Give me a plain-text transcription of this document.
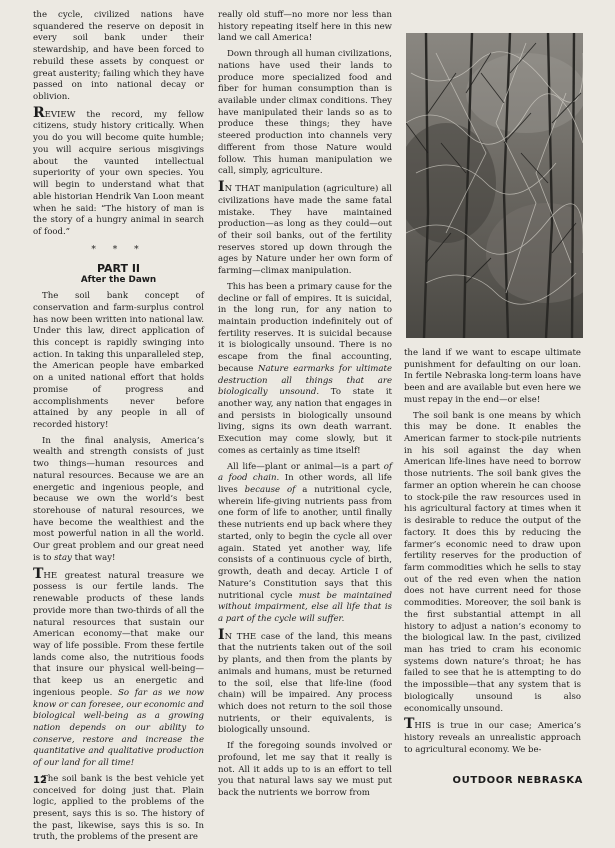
the cycle, civilized nations have squandered the reserve on deposit in every soil bank under their stewardship, and have been forced to rebuild these assets by conquest or great austerity; failing which they have passed on into national decay or oblivion.

REVIEW the record, my fellow citizens, study history critically. When you do you will become quite humble; you will acquire serious misgivings about the vaunted intellectual superiority of your own species. You will begin to understand what that able historian Hendrik Van Loon meant when he said: “The history of man is the story of a hungry animal in search of food.”

* * *
PART II
After the Dawn

The soil bank concept of conservation and farm-surplus control has now been written into national law. Under this law, direct application of this concept is rapidly swinging into action. In taking this unparalleled step, the American people have embarked on a united national effort that holds promise of progress and accomplishments never before attained by any people in all of recorded history!

In the final analysis, America’s wealth and strength consists of just two things—human resources and natural resources. Because we are an energetic and ingenious people, and because we own the world’s best storehouse of natural resources, we have become the wealthiest and the most powerful nation in all the world. Our great problem and our great need is to stay that way!

THE greatest natural treasure we possess is our fertile lands. The renewable products of these lands provide more than two-thirds of all the natural resources that sustain our American economy—that make our way of life possible. From these fertile lands come also, the nutritious foods that insure our physical well-being—that keep us an energetic and ingenious people. So far as we now know or can foresee, our economic and biological well-being as a growing nation depends on our ability to conserve, restore and increase the quantitative and qualitative production of our land for all time!

The soil bank is the best vehicle yet conceived for doing just that. Plain logic, applied to the problems of the present, says this is so. The history of the past, likewise, says this is so. In truth, the problems of the present are

really old stuff—no more nor less than history repeating itself here in this new land we call America!

Down through all human civilizations, nations have used their lands to produce more specialized food and fiber for human consumption than is available under climax conditions. They have manipulated their lands so as to produce these things; they have steered production into channels very different from those Nature would follow. This human manipulation we call, simply, agriculture.

IN THAT manipulation (agriculture) all civilizations have made the same fatal mistake. They have maintained production—as long as they could—out of their soil banks, out of the fertility reserves stored up down through the ages by Nature under her own form of farming—climax manipulation.

This has been a primary cause for the decline or fall of empires. It is suicidal, in the long run, for any nation to maintain production indefinitely out of fertility reserves. It is suicidal because it is biologically unsound. There is no escape from the final accounting, because Nature earmarks for ultimate destruction all things that are biologically unsound. To state it another way, any nation that engages in and persists in biologically unsound living, signs its own death warrant. Execution may come slowly, but it comes as certainly as time itself!

All life—plant or animal—is a part of a food chain. In other words, all life lives because of a nutritional cycle, wherein life-giving nutrients pass from one form of life to another, until finally these nutrients end up back where they started, only to begin the cycle all over again. Stated yet another way, life consists of a continuous cycle of birth, growth, death and decay. Article I of Nature’s Constitution says that this nutritional cycle must be maintained without impairment, else all life that is a part of the cycle will suffer.

IN THE case of the land, this means that the nutrients taken out of the soil by plants, and then from the plants by animals and humans, must be returned to the soil, else that life-line (food chain) will be impaired. Any process which does not return to the soil those nutrients, or their equivalents, is biologically unsound.

If the foregoing sounds involved or profound, let me say that it really is not. All it adds up to is an effort to tell you that natural laws say we must put back the nutrients we borrow from

the land if we want to escape ultimate punishment for defaulting on our loan. In fertile Nebraska long-term loans have been and are available but even here we must repay in the end—or else!

The soil bank is one means by which this may be done. It enables the American farmer to stock-pile nutrients in his soil against the day when American life-lines have need to borrow those nutrients. The soil bank gives the farmer an option wherein he can choose to stock-pile the raw resources used in his agricultural factory at times when it is desirable to reduce the output of the factory. It does this by reducing the farmer’s economic need to draw upon fertility reserves for the production of farm commodities which he sells to stay out of the red even when the nation does not have current need for those commodities. Moreover, the soil bank is the first substantial attempt in all history to adjust a nation’s economy to the biological law. In the past, civilized man has tried to cram his economic systems down nature’s throat; he has failed to see that he is attempting to do the impossible—that any system that is biologically unsound is also economically unsound.

THIS is true in our case; America’s history reveals an unrealistic approach to agricultural economy. We be-

12	OUTDOOR NEBRASKA
